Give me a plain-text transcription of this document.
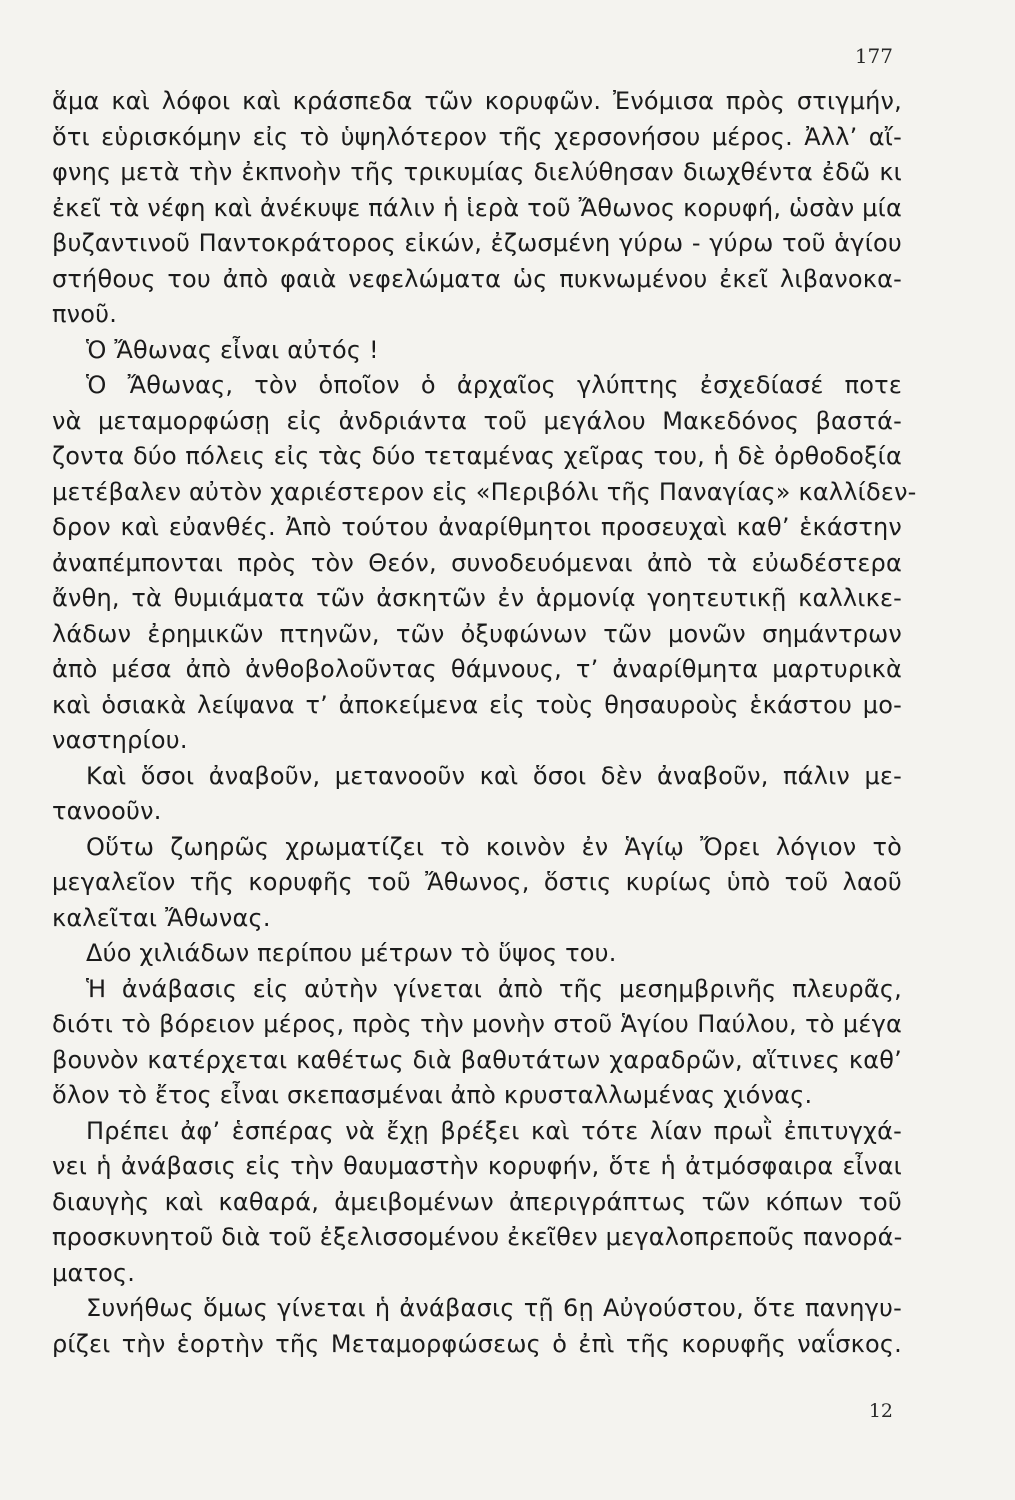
177
ἅμα καὶ λόφοι καὶ κράσπεδα τῶν κορυφῶν. Ἐνόμισα πρὸς στιγμήν,
ὅτι εὑρισκόμην εἰς τὸ ὑψηλότερον τῆς χερσονήσου μέρος. Ἀλλ’ αἴ-
φνης μετὰ τὴν ἐκπνοὴν τῆς τρικυμίας διελύθησαν διωχθέντα ἐδῶ κι
ἐκεῖ τὰ νέφη καὶ ἀνέκυψε πάλιν ἡ ἱερὰ τοῦ Ἄθωνος κορυφή, ὡσὰν μία
βυζαντινοῦ Παντοκράτορος εἰκών, ἐζωσμένη γύρω - γύρω τοῦ ἁγίου
στήθους του ἀπὸ φαιὰ νεφελώματα ὡς πυκνωμένου ἐκεῖ λιβανοκα-
πνοῦ.
Ὁ Ἄθωνας εἶναι αὐτός !
Ὁ Ἄθωνας, τὸν ὁποῖον ὁ ἀρχαῖος γλύπτης ἐσχεδίασέ ποτε
νὰ μεταμορφώσῃ εἰς ἀνδριάντα τοῦ μεγάλου Μακεδόνος βαστά-
ζοντα δύο πόλεις εἰς τὰς δύο τεταμένας χεῖρας του, ἡ δὲ ὀρθοδοξία
μετέβαλεν αὐτὸν χαριέστερον εἰς «Περιβόλι τῆς Παναγίας» καλλίδεν-
δρον καὶ εὐανθές. Ἀπὸ τούτου ἀναρίθμητοι προσευχαὶ καθ’ ἑκάστην
ἀναπέμπονται πρὸς τὸν Θεόν, συνοδευόμεναι ἀπὸ τὰ εὐωδέστερα
ἄνθη, τὰ θυμιάματα τῶν ἀσκητῶν ἐν ἁρμονίᾳ γοητευτικῇ καλλικε-
λάδων ἐρημικῶν πτηνῶν, τῶν ὀξυφώνων τῶν μονῶν σημάντρων
ἀπὸ μέσα ἀπὸ ἀνθοβολοῦντας θάμνους, τ’ ἀναρίθμητα μαρτυρικὰ
καὶ ὁσιακὰ λείψανα τ’ ἀποκείμενα εἰς τοὺς θησαυροὺς ἑκάστου μο-
ναστηρίου.
Καὶ ὅσοι ἀναβοῦν, μετανοοῦν καὶ ὅσοι δὲν ἀναβοῦν, πάλιν με-
τανοοῦν.
Οὕτω ζωηρῶς χρωματίζει τὸ κοινὸν ἐν Ἁγίῳ Ὄρει λόγιον τὸ
μεγαλεῖον τῆς κορυφῆς τοῦ Ἄθωνος, ὅστις κυρίως ὑπὸ τοῦ λαοῦ
καλεῖται Ἄθωνας.
Δύο χιλιάδων περίπου μέτρων τὸ ὕψος του.
Ἡ ἀνάβασις εἰς αὐτὴν γίνεται ἀπὸ τῆς μεσημβρινῆς πλευρᾶς,
διότι τὸ βόρειον μέρος, πρὸς τὴν μονὴν στοῦ Ἁγίου Παύλου, τὸ μέγα
βουνὸν κατέρχεται καθέτως διὰ βαθυτάτων χαραδρῶν, αἵτινες καθ’
ὅλον τὸ ἔτος εἶναι σκεπασμέναι ἀπὸ κρυσταλλωμένας χιόνας.
Πρέπει ἀφ’ ἑσπέρας νὰ ἔχῃ βρέξει καὶ τότε λίαν πρωῒ ἐπιτυγχά-
νει ἡ ἀνάβασις εἰς τὴν θαυμαστὴν κορυφήν, ὅτε ἡ ἀτμόσφαιρα εἶναι
διαυγὴς καὶ καθαρά, ἀμειβομένων ἀπεριγράπτως τῶν κόπων τοῦ
προσκυνητοῦ διὰ τοῦ ἐξελισσομένου ἐκεῖθεν μεγαλοπρεποῦς πανορά-
ματος.
Συνήθως ὅμως γίνεται ἡ ἀνάβασις τῇ 6ῃ Αὐγούστου, ὅτε πανηγυ-
ρίζει τὴν ἑορτὴν τῆς Μεταμορφώσεως ὁ ἐπὶ τῆς κορυφῆς ναΐσκος.
12
